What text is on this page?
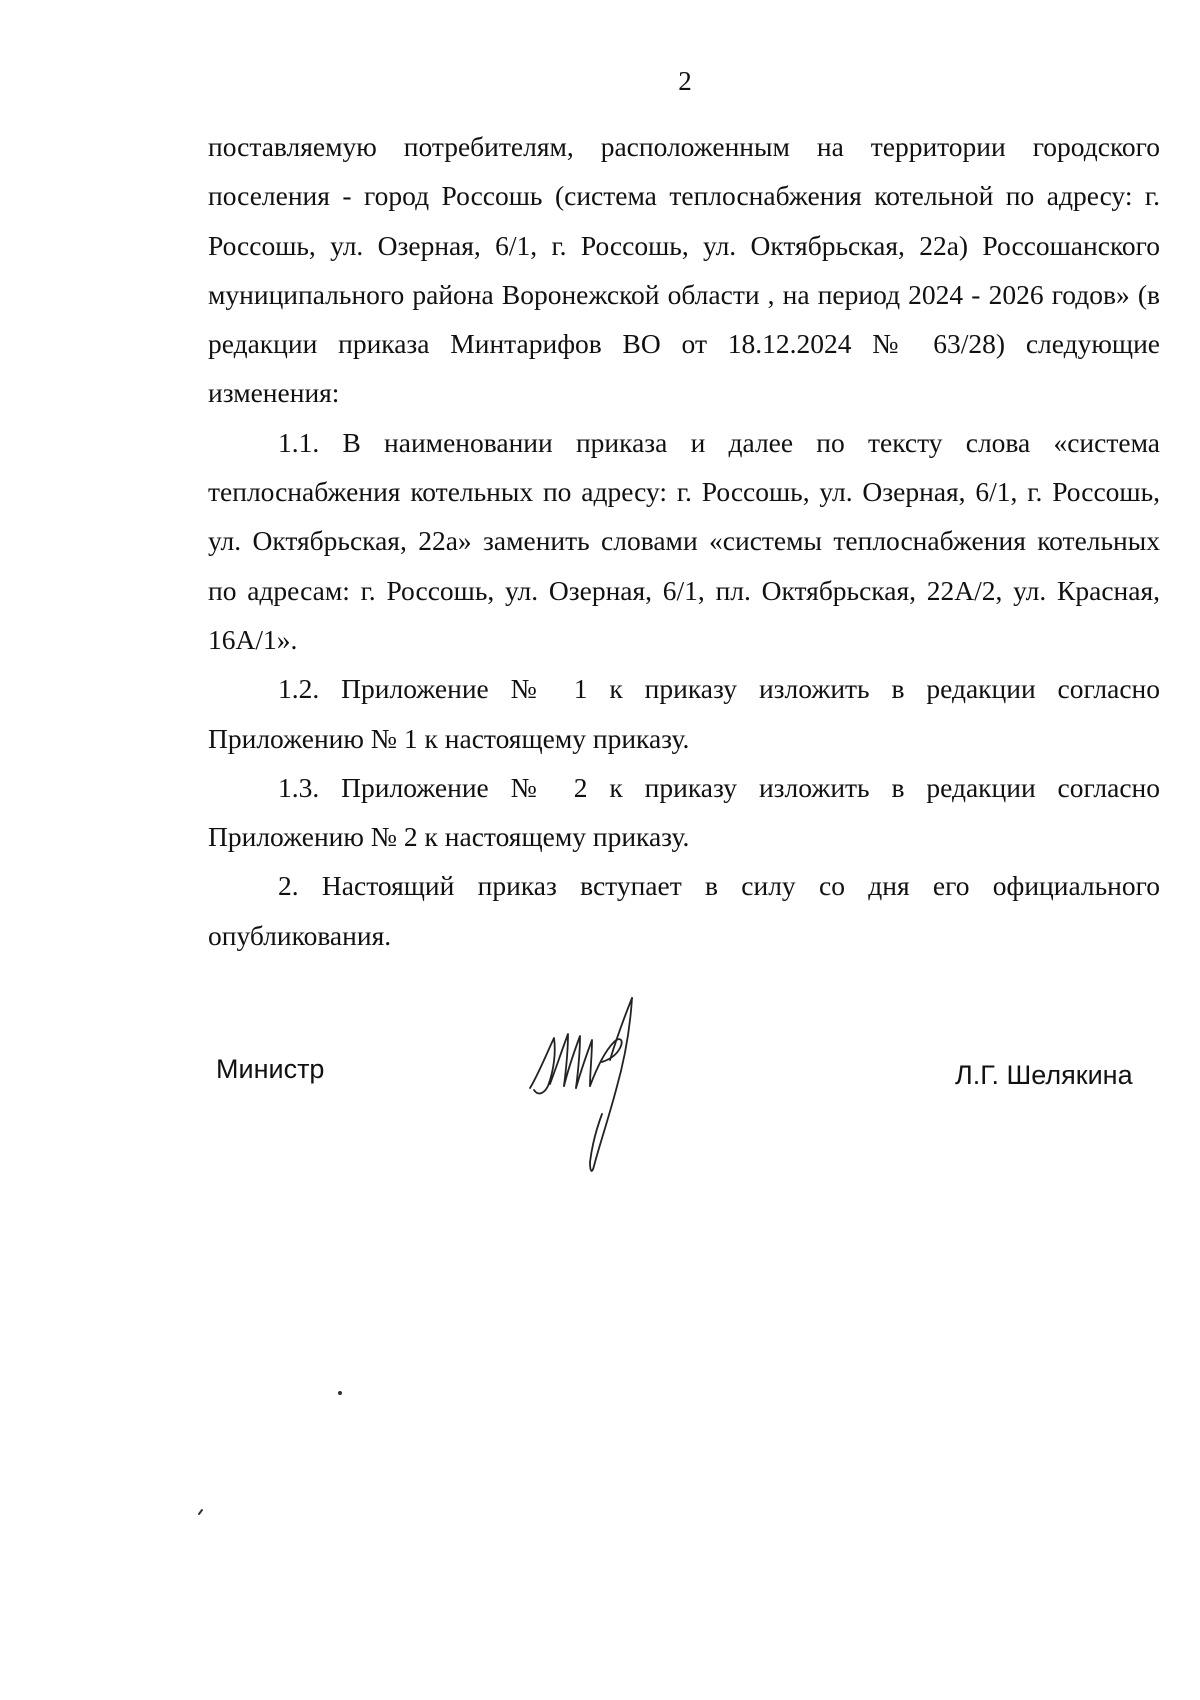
2

поставляемую потребителям, расположенным на территории городского поселения - город Россошь (система теплоснабжения котельной по адресу: г. Россошь, ул. Озерная, 6/1, г. Россошь, ул. Октябрьская, 22а) Россошанского муниципального района Воронежской области , на период 2024 - 2026 годов» (в редакции приказа Минтарифов ВО от 18.12.2024 № 63/28) следующие изменения:

1.1. В наименовании приказа и далее по тексту слова «система теплоснабжения котельных по адресу: г. Россошь, ул. Озерная, 6/1, г. Россошь, ул. Октябрьская, 22а» заменить словами «системы теплоснабжения котельных по адресам: г. Россошь, ул. Озерная, 6/1, пл. Октябрьская, 22А/2, ул. Красная, 16А/1».

1.2. Приложение № 1 к приказу изложить в редакции согласно Приложению № 1 к настоящему приказу.

1.3. Приложение № 2 к приказу изложить в редакции согласно Приложению № 2 к настоящему приказу.

2. Настоящий приказ вступает в силу со дня его официального опубликования.

Министр	Л.Г. Шелякина
